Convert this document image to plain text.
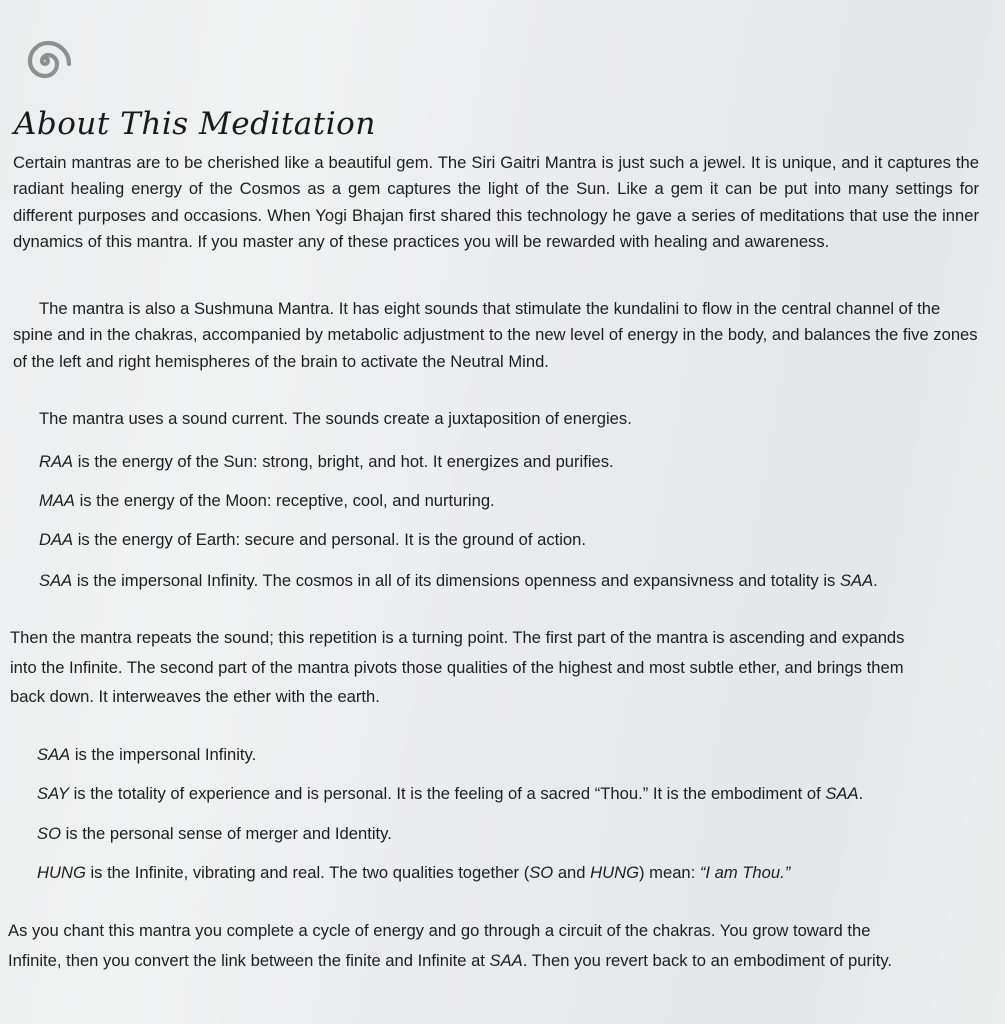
About This Meditation

Certain mantras are to be cherished like a beautiful gem. The Siri Gaitri Mantra is just such a jewel. It is unique, and it captures the radiant healing energy of the Cosmos as a gem captures the light of the Sun. Like a gem it can be put into many settings for different purposes and occasions. When Yogi Bhajan first shared this technology he gave a series of meditations that use the inner dynamics of this mantra. If you master any of these practices you will be rewarded with healing and awareness.

The mantra is also a Sushmuna Mantra. It has eight sounds that stimulate the kundalini to flow in the central channel of the spine and in the chakras, accompanied by metabolic adjustment to the new level of energy in the body, and balances the five zones of the left and right hemispheres of the brain to activate the Neutral Mind.

The mantra uses a sound current. The sounds create a juxtaposition of energies.

RAA is the energy of the Sun: strong, bright, and hot. It energizes and purifies.

MAA is the energy of the Moon: receptive, cool, and nurturing.

DAA is the energy of Earth: secure and personal. It is the ground of action.

SAA is the impersonal Infinity. The cosmos in all of its dimensions openness and expansivness and totality is SAA.

Then the mantra repeats the sound; this repetition is a turning point. The first part of the mantra is ascending and expands

into the Infinite. The second part of the mantra pivots those qualities of the highest and most subtle ether, and brings them

back down. It interweaves the ether with the earth.

SAA is the impersonal Infinity.

SAY is the totality of experience and is personal. It is the feeling of a sacred “Thou.” It is the embodiment of SAA.

SO is the personal sense of merger and Identity.

HUNG is the Infinite, vibrating and real. The two qualities together (SO and HUNG) mean: “I am Thou.”

As you chant this mantra you complete a cycle of energy and go through a circuit of the chakras. You grow toward the

Infinite, then you convert the link between the finite and Infinite at SAA. Then you revert back to an embodiment of purity.
